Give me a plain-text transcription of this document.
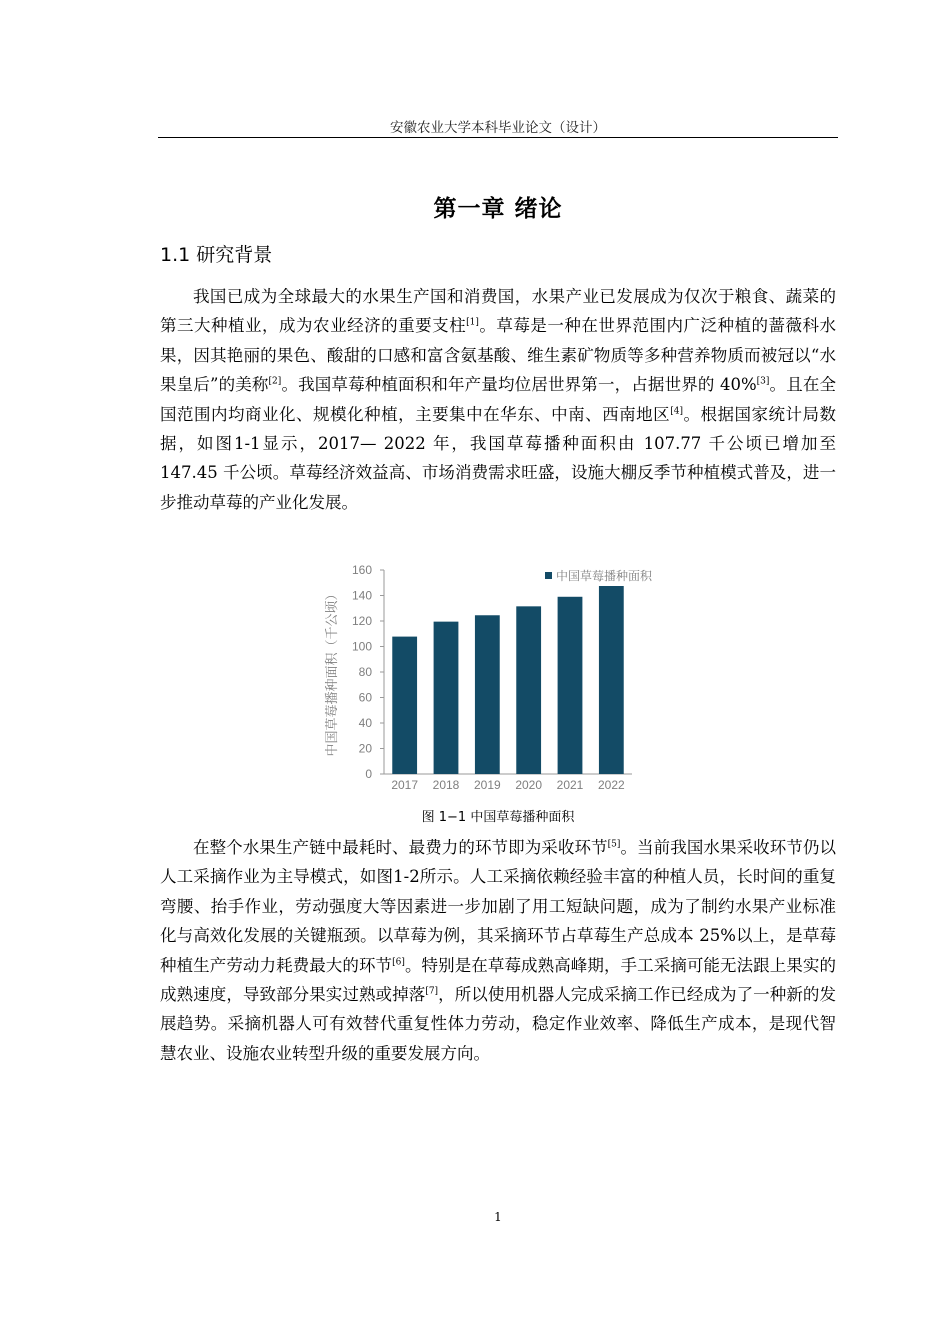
安徽农业大学本科毕业论文（设计）
第一章 绪论
1.1 研究背景

我国已成为全球最大的水果生产国和消费国，水果产业已发展成为仅次于粮食、蔬菜的第三大种植业，成为农业经济的重要支柱[1]。草莓是一种在世界范围内广泛种植的蔷薇科水果，因其艳丽的果色、酸甜的口感和富含氨基酸、维生素矿物质等多种营养物质而被冠以“水果皇后”的美称[2]。我国草莓种植面积和年产量均位居世界第一，占据世界的 40%[3]。且在全国范围内均商业化、规模化种植，主要集中在华东、中南、西南地区[4]。根据国家统计局数据，如图1-1显示，2017— 2022 年，我国草莓播种面积由 107.77 千公顷已增加至 147.45 千公顷。草莓经济效益高、市场消费需求旺盛，设施大棚反季节种植模式普及，进一步推动草莓的产业化发展。

0
20
40
60
80
100
120
140
160
2017 2018 2019 2020 2021 2022
中国草莓播种面积（千公顷）
中国草莓播种面积
图 1−1 中国草莓播种面积

在整个水果生产链中最耗时、最费力的环节即为采收环节[5]。当前我国水果采收环节仍以人工采摘作业为主导模式，如图1-2所示。人工采摘依赖经验丰富的种植人员，长时间的重复弯腰、抬手作业，劳动强度大等因素进一步加剧了用工短缺问题，成为了制约水果产业标准化与高效化发展的关键瓶颈。以草莓为例，其采摘环节占草莓生产总成本 25%以上，是草莓种植生产劳动力耗费最大的环节[6]。特别是在草莓成熟高峰期，手工采摘可能无法跟上果实的成熟速度，导致部分果实过熟或掉落[7]，所以使用机器人完成采摘工作已经成为了一种新的发展趋势。采摘机器人可有效替代重复性体力劳动，稳定作业效率、降低生产成本，是现代智慧农业、设施农业转型升级的重要发展方向。

1
